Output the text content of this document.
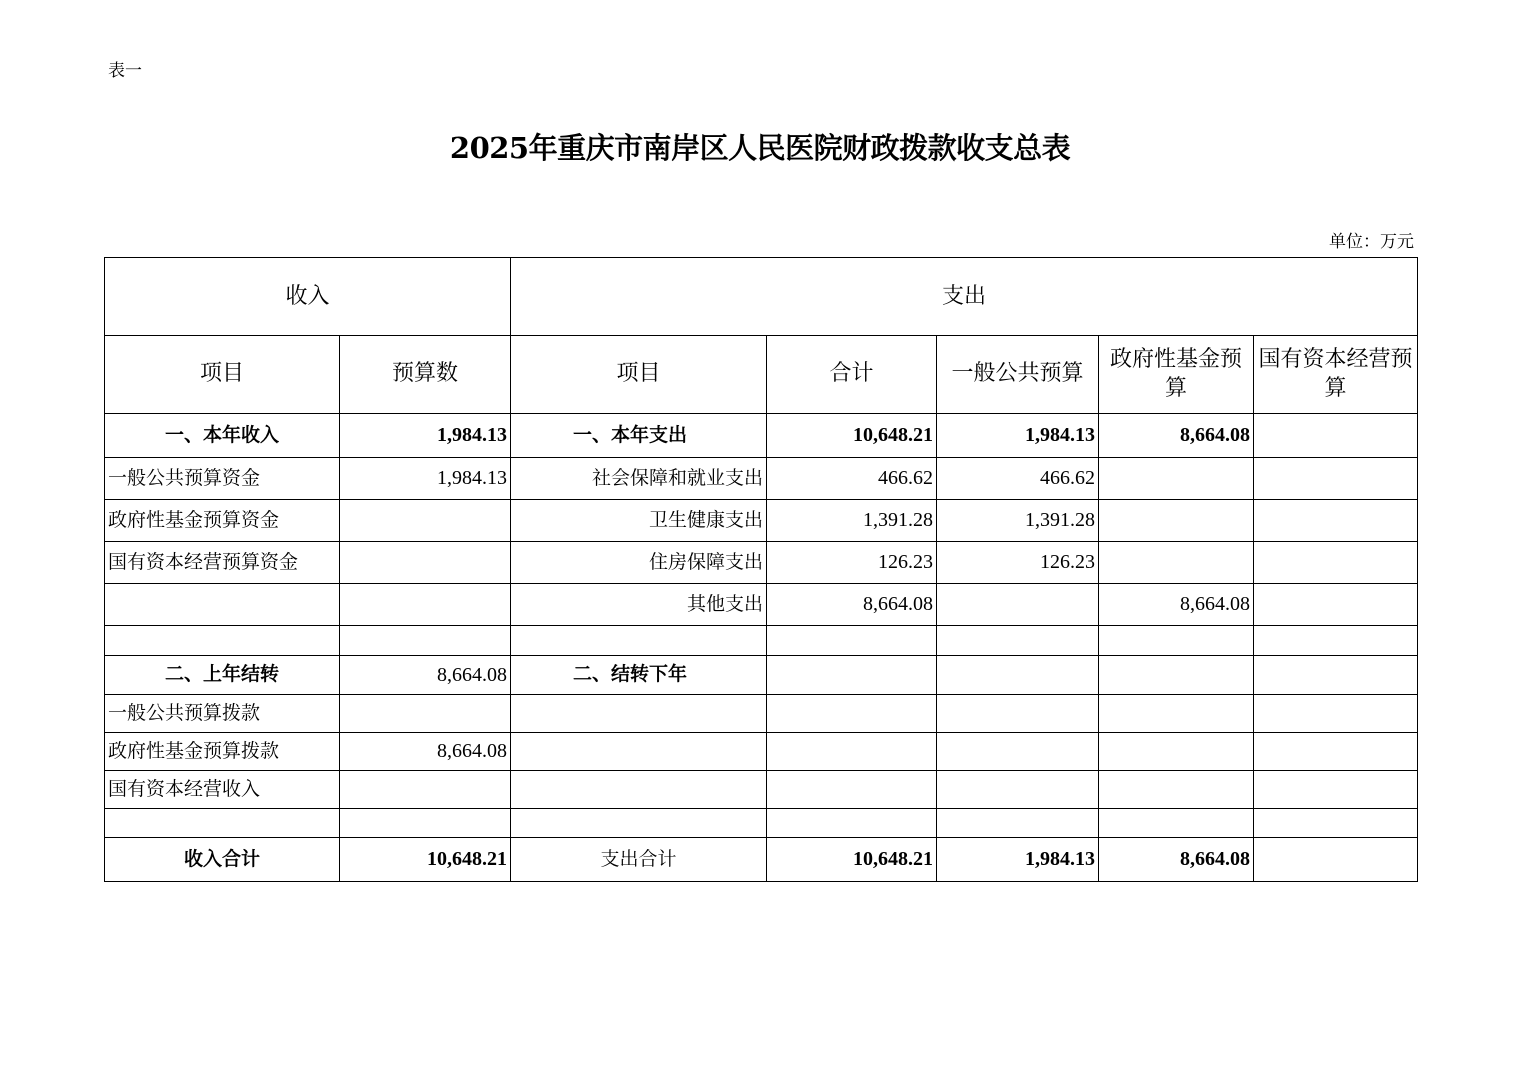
表一
2025年重庆市南岸区人民医院财政拨款收支总表
单位：万元
收入		支出				
项目	预算数	项目	合计	一般公共预算	政府性基金预算	国有资本经营预算
一、本年收入	1,984.13	一、本年支出	10,648.21	1,984.13	8,664.08	
一般公共预算资金	1,984.13	社会保障和就业支出	466.62	466.62		
政府性基金预算资金		卫生健康支出	1,391.28	1,391.28		
国有资本经营预算资金		住房保障支出	126.23	126.23		
		其他支出	8,664.08		8,664.08	

二、上年结转	8,664.08	二、结转下年				
一般公共预算拨款						
政府性基金预算拨款	8,664.08					
国有资本经营收入						

收入合计	10,648.21	支出合计	10,648.21	1,984.13	8,664.08	
